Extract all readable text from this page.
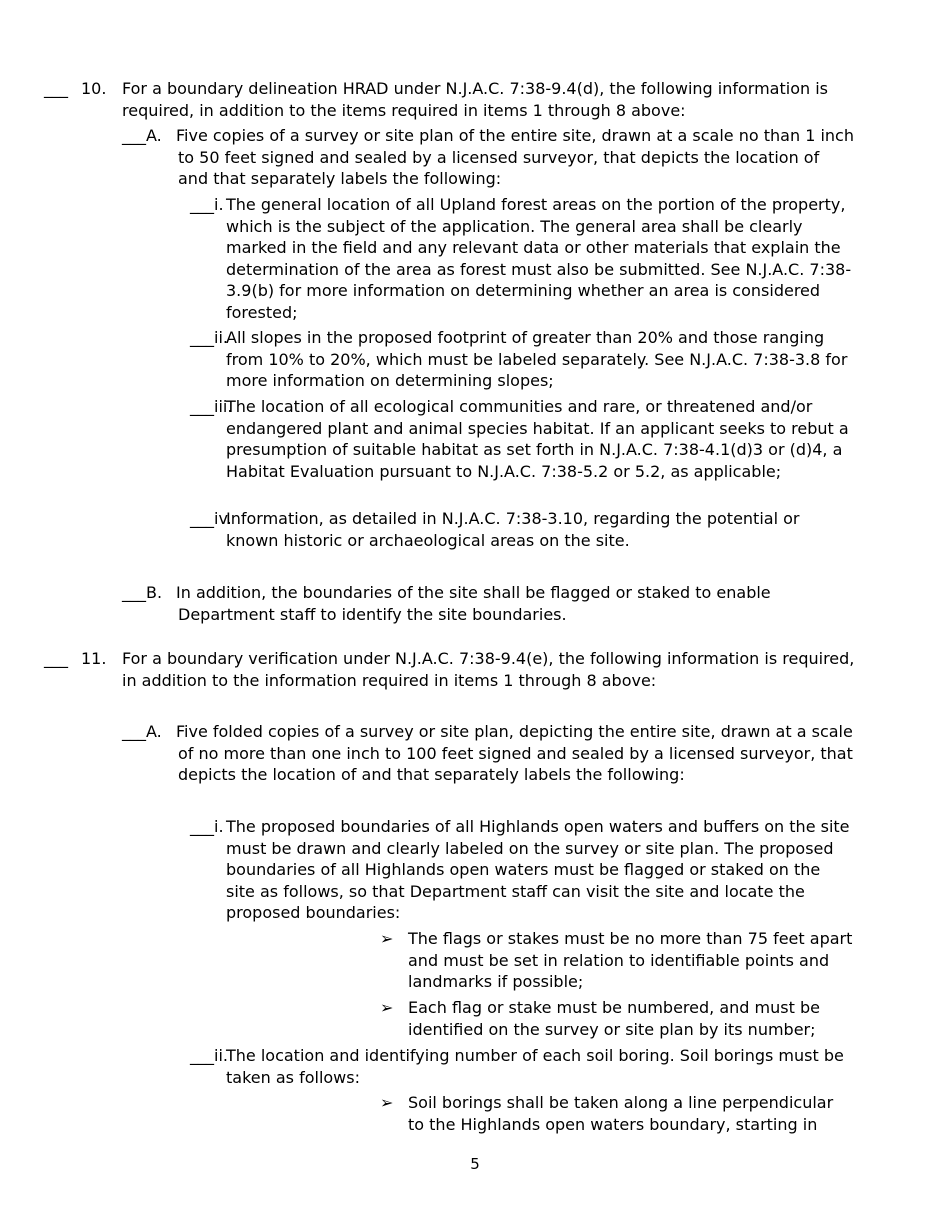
___ 10. For a boundary delineation HRAD under N.J.A.C. 7:38-9.4(d), the following information is required, in addition to the items required in items 1 through 8 above:
___A. Five copies of a survey or site plan of the entire site, drawn at a scale no than 1 inch to 50 feet signed and sealed by a licensed surveyor, that depicts the location of and that separately labels the following:
___i. The general location of all Upland forest areas on the portion of the property, which is the subject of the application. The general area shall be clearly marked in the field and any relevant data or other materials that explain the determination of the area as forest must also be submitted. See N.J.A.C. 7:38-3.9(b) for more information on determining whether an area is considered forested;
___ii.
All slopes in the proposed footprint of greater than 20% and those ranging from 10% to 20%, which must be labeled separately. See N.J.A.C. 7:38-3.8 for more information on determining slopes;
___iii.
The location of all ecological communities and rare, or threatened and/or endangered plant and animal species habitat. If an applicant seeks to rebut a presumption of suitable habitat as set forth in N.J.A.C. 7:38-4.1(d)3 or (d)4, a Habitat Evaluation pursuant to N.J.A.C. 7:38-5.2 or 5.2, as applicable;
___iv.
Information, as detailed in N.J.A.C. 7:38-3.10, regarding the potential or known historic or archaeological areas on the site.
___B. In addition, the boundaries of the site shall be flagged or staked to enable Department staff to identify the site boundaries.
___ 11. For a boundary verification under N.J.A.C. 7:38-9.4(e), the following information is required, in addition to the information required in items 1 through 8 above:
___A. Five folded copies of a survey or site plan, depicting the entire site, drawn at a scale of no more than one inch to 100 feet signed and sealed by a licensed surveyor, that depicts the location of and that separately labels the following:
___i. The proposed boundaries of all Highlands open waters and buffers on the site must be drawn and clearly labeled on the survey or site plan. The proposed boundaries of all Highlands open waters must be flagged or staked on the site as follows, so that Department staff can visit the site and locate the proposed boundaries:
➢ The flags or stakes must be no more than 75 feet apart and must be set in relation to identifiable points and landmarks if possible;
➢ Each flag or stake must be numbered, and must be identified on the survey or site plan by its number;
___ii.
The location and identifying number of each soil boring. Soil borings must be taken as follows:
➢ Soil borings shall be taken along a line perpendicular to the Highlands open waters boundary, starting in
5
